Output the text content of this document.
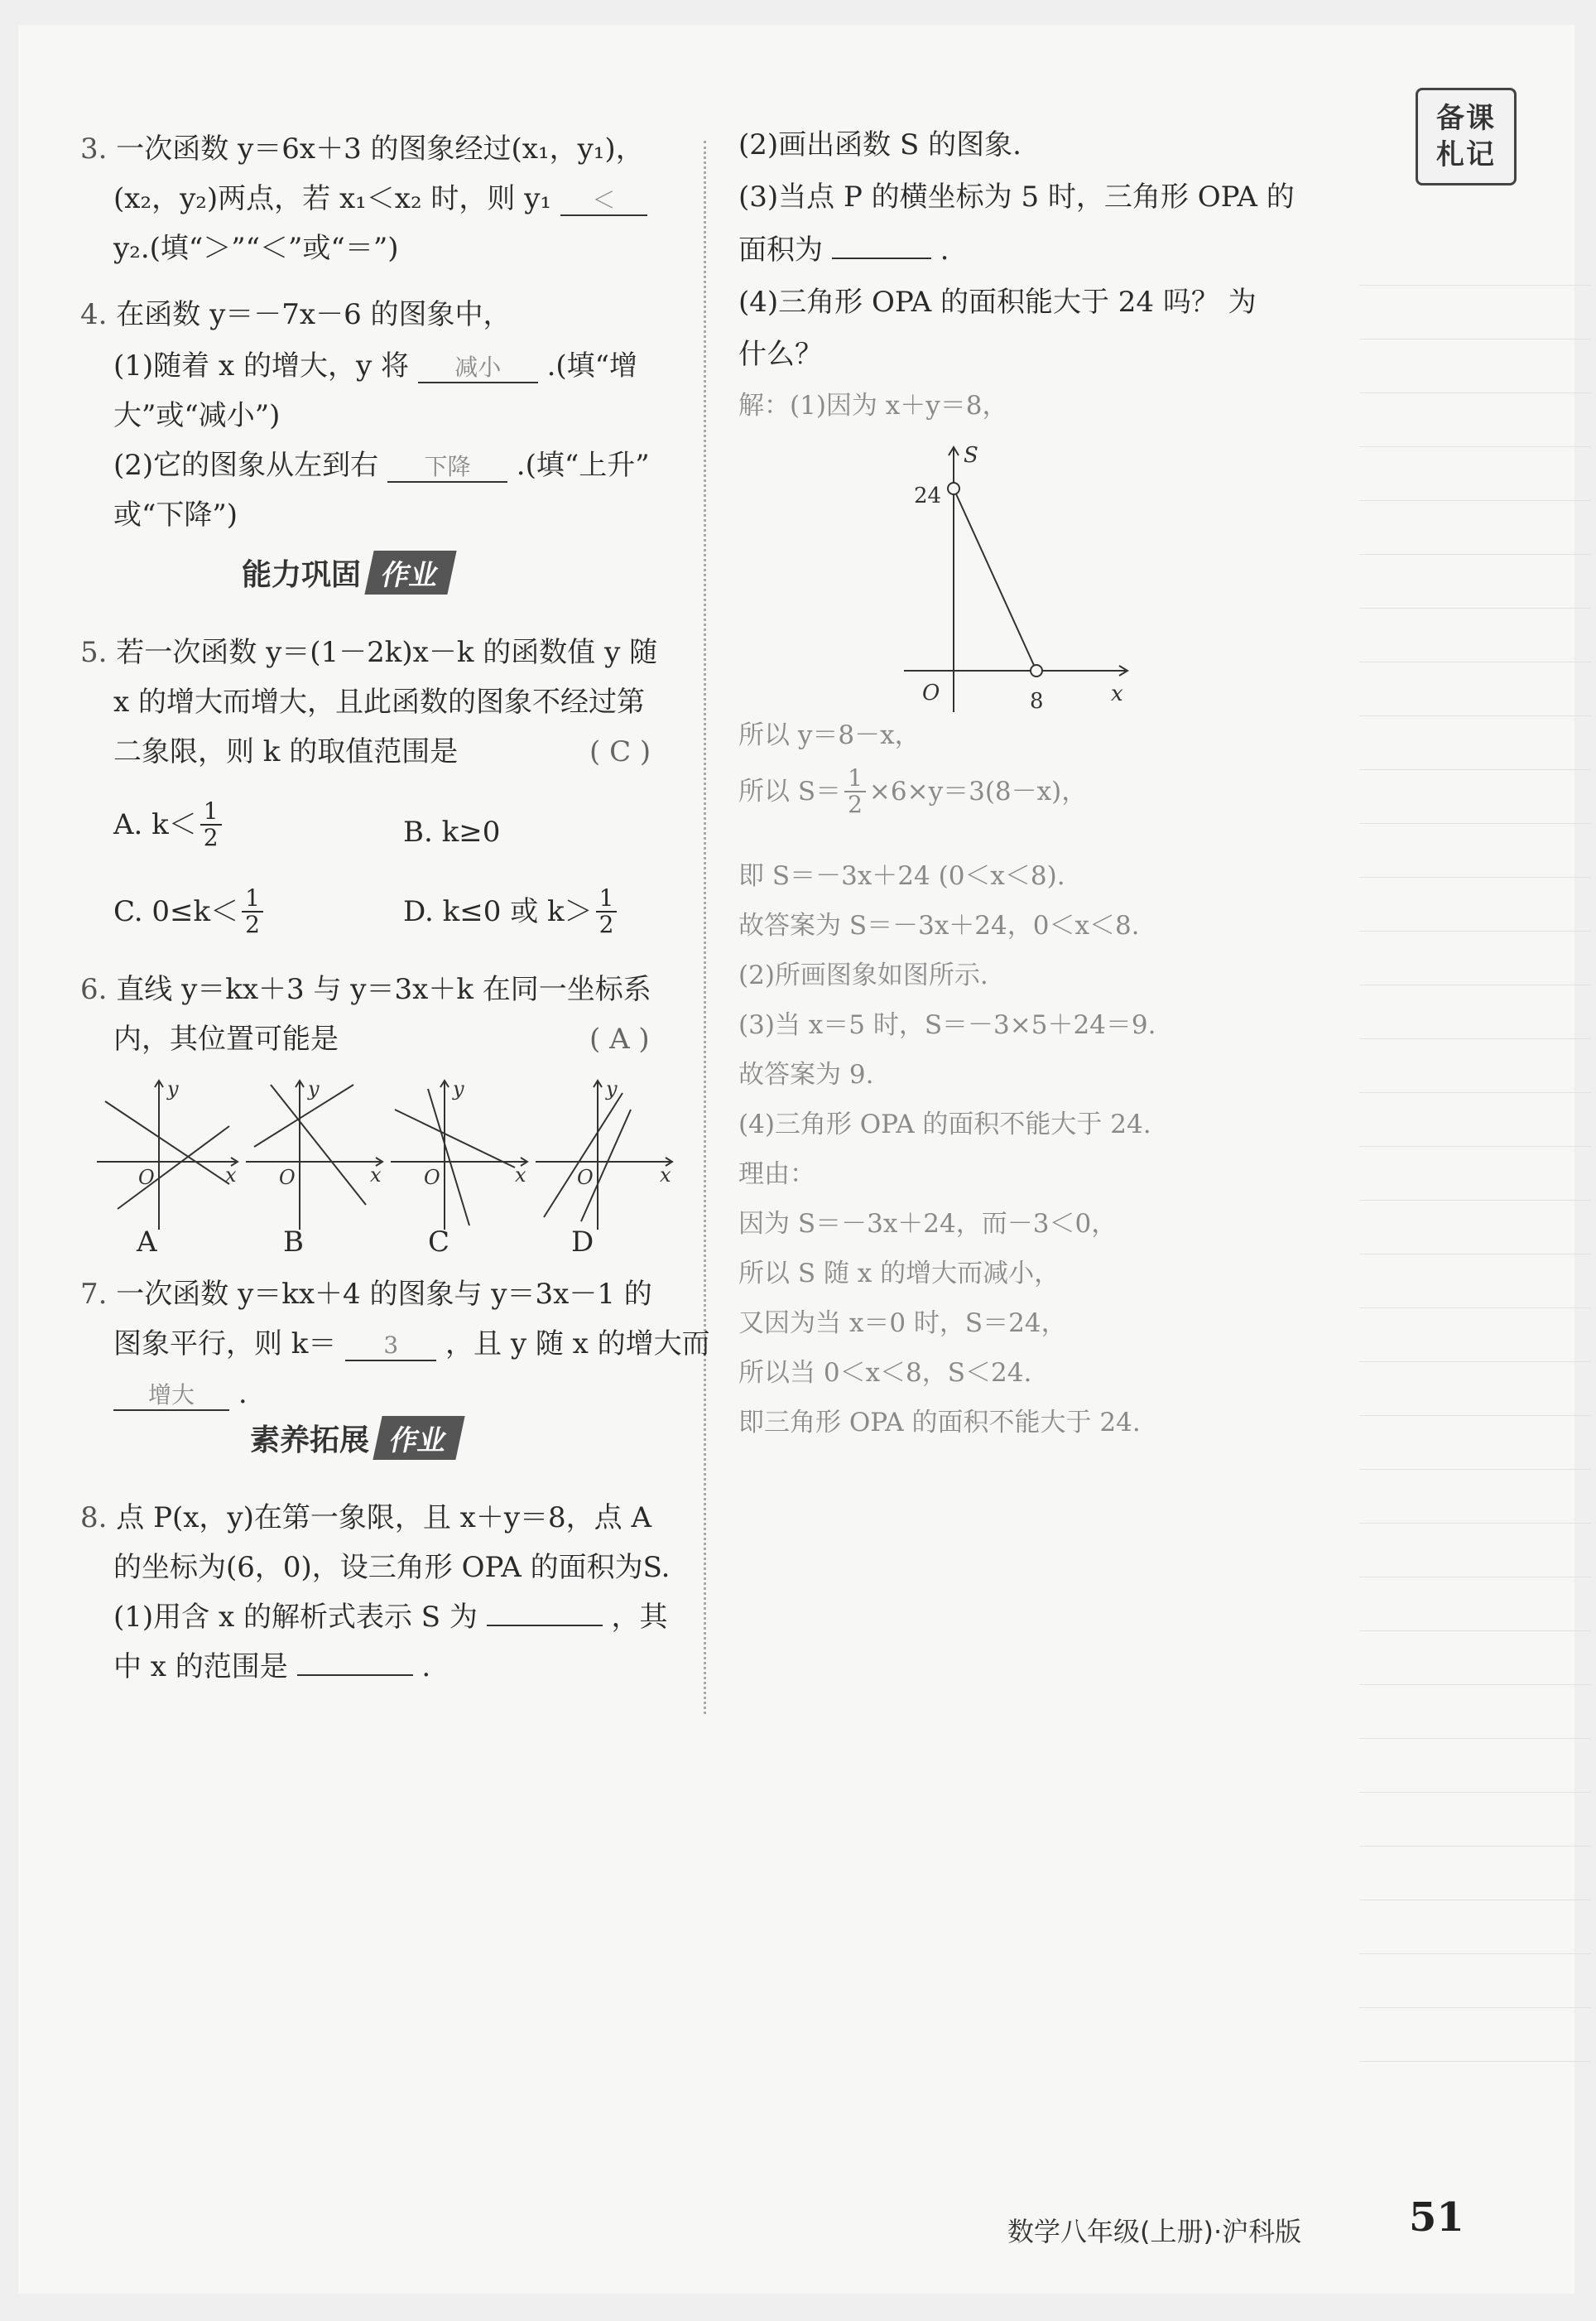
备课
札记
3. 一次函数 y＝6x＋3 的图象经过(x₁，y₁)，
(x₂，y₂)两点，若 x₁＜x₂ 时，则 y₁ ＜
y₂.(填“＞”“＜”或“＝”)
4. 在函数 y＝－7x－6 的图象中，
(1)随着 x 的增大，y 将 减小 .(填“增
大”或“减小”)
(2)它的图象从左到右 下降 .(填“上升”
或“下降”)
能力巩固 作业
5. 若一次函数 y＝(1－2k)x－k 的函数值 y 随
x 的增大而增大，且此函数的图象不经过第
二象限，则 k 的取值范围是	( C )
A. $k< \frac{1}{2}$	B. k≥0
C. $0\le k< \frac{1}{2}$	D. k≤0 或 $k> \frac{1}{2}$
6. 直线 y＝kx＋3 与 y＝3x＋k 在同一坐标系
内，其位置可能是	( A )
y
x
O
y
x
O
y
x
O
y
x
O
A	B	C	D
7. 一次函数 y＝kx＋4 的图象与 y＝3x－1 的
图象平行，则 k＝ 3 ，且 y 随 x 的增大而
增大 .
素养拓展 作业
8. 点 P(x，y)在第一象限，且 x＋y＝8，点 A
的坐标为(6，0)，设三角形 OPA 的面积为S.
(1)用含 x 的解析式表示 S 为	，其
中 x 的范围是	.
(2)画出函数 S 的图象.
(3)当点 P 的横坐标为 5 时，三角形 OPA 的
面积为	.
(4)三角形 OPA 的面积能大于 24 吗？ 为
什么？
解：(1)因为 x＋y＝8，
S
x
O
24
8
所以 y＝8－x，
所以 $S= \frac{1}{2} \times 6\times y=3(8-x)$，
即 S＝－3x＋24 (0＜x＜8).
故答案为 S＝－3x＋24，0＜x＜8.
(2)所画图象如图所示.
(3)当 x＝5 时，S＝－3×5＋24＝9.
故答案为 9.
(4)三角形 OPA 的面积不能大于 24.
理由：
因为 S＝－3x＋24，而－3＜0，
所以 S 随 x 的增大而减小，
又因为当 x＝0 时，S＝24，
所以当 0＜x＜8，S＜24.
即三角形 OPA 的面积不能大于 24.
数学八年级(上册)·沪科版	51
